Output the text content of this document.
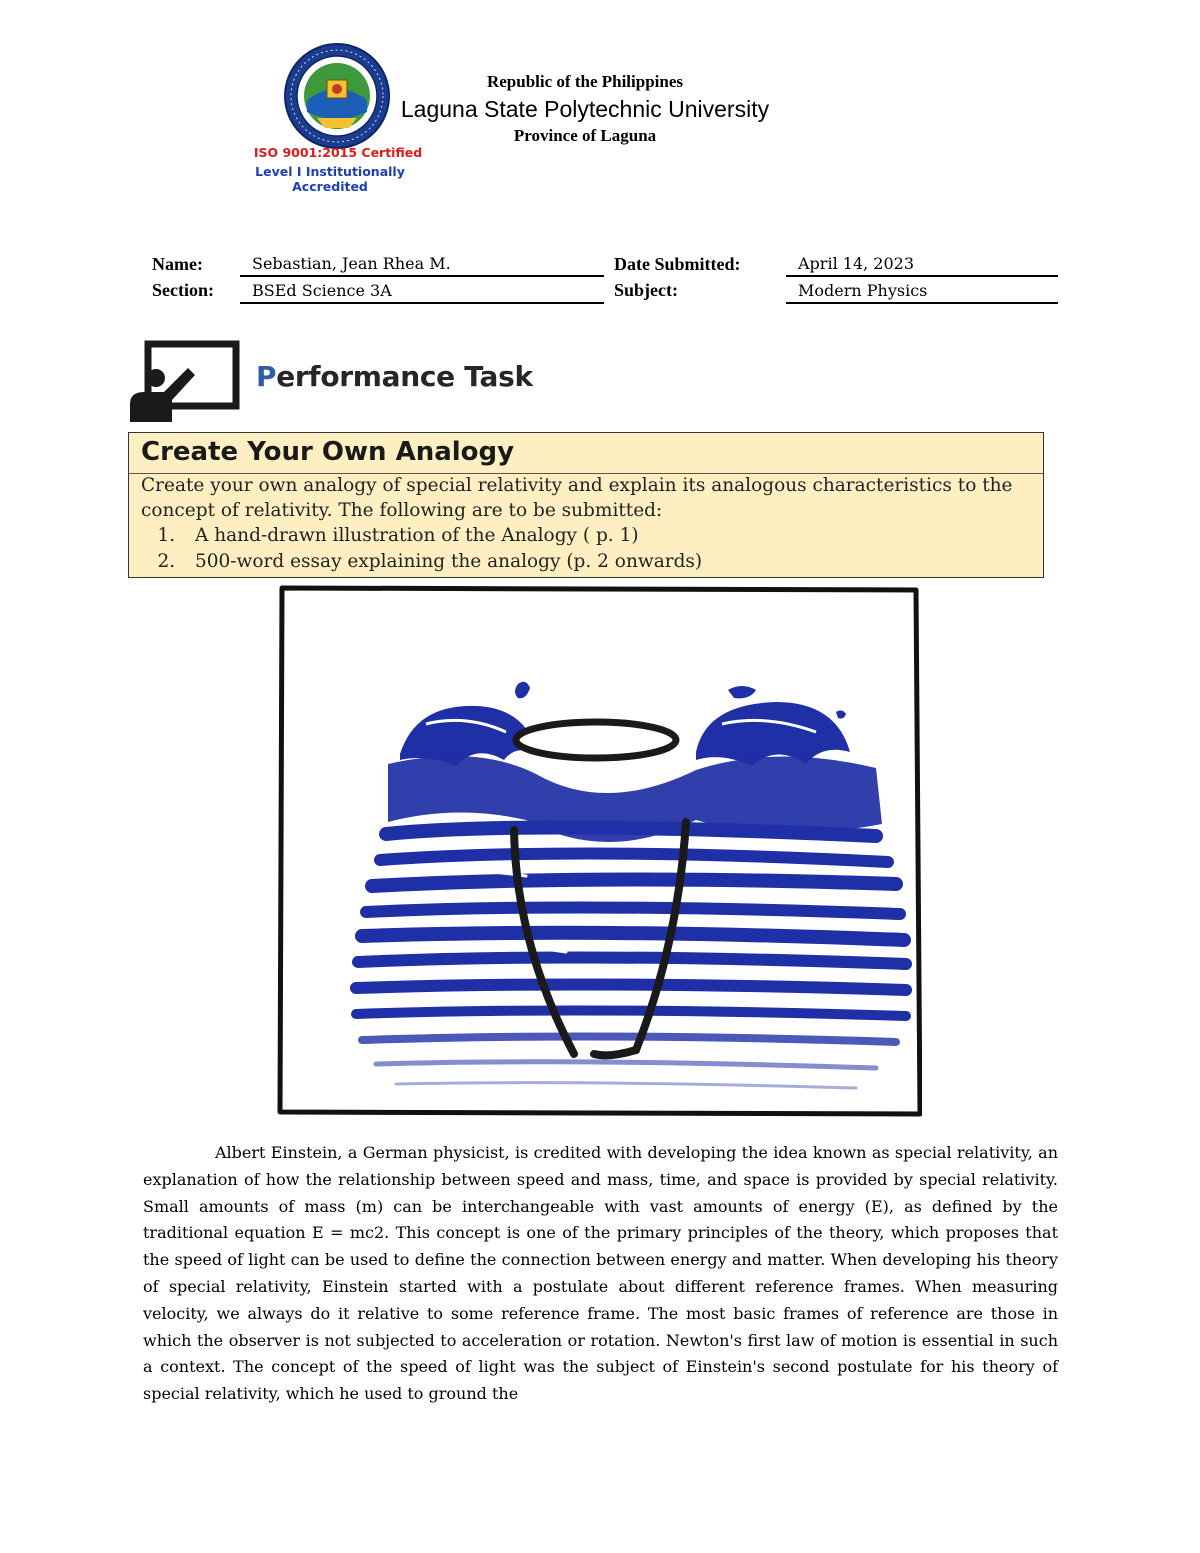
ISO 9001:2015 Certified
Level I Institutionally Accredited
Republic of the Philippines
Laguna State Polytechnic University
Province of Laguna
Name:	Sebastian, Jean Rhea M.
Section:	BSEd Science 3A
Date Submitted:	April 14, 2023
Subject:	Modern Physics
Performance Task
Create Your Own Analogy
Create your own analogy of special relativity and explain its analogous characteristics to the concept of relativity. The following are to be submitted:
1. A hand-drawn illustration of the Analogy ( p. 1)
2. 500-word essay explaining the analogy (p. 2 onwards)

Albert Einstein, a German physicist, is credited with developing the idea known as special relativity, an explanation of how the relationship between speed and mass, time, and space is provided by special relativity. Small amounts of mass (m) can be interchangeable with vast amounts of energy (E), as defined by the traditional equation E = mc2. This concept is one of the primary principles of the theory, which proposes that the speed of light can be used to define the connection between energy and matter. When developing his theory of special relativity, Einstein started with a postulate about different reference frames. When measuring velocity, we always do it relative to some reference frame. The most basic frames of reference are those in which the observer is not subjected to acceleration or rotation. Newton's first law of motion is essential in such a context. The concept of the speed of light was the subject of Einstein's second postulate for his theory of special relativity, which he used to ground the
